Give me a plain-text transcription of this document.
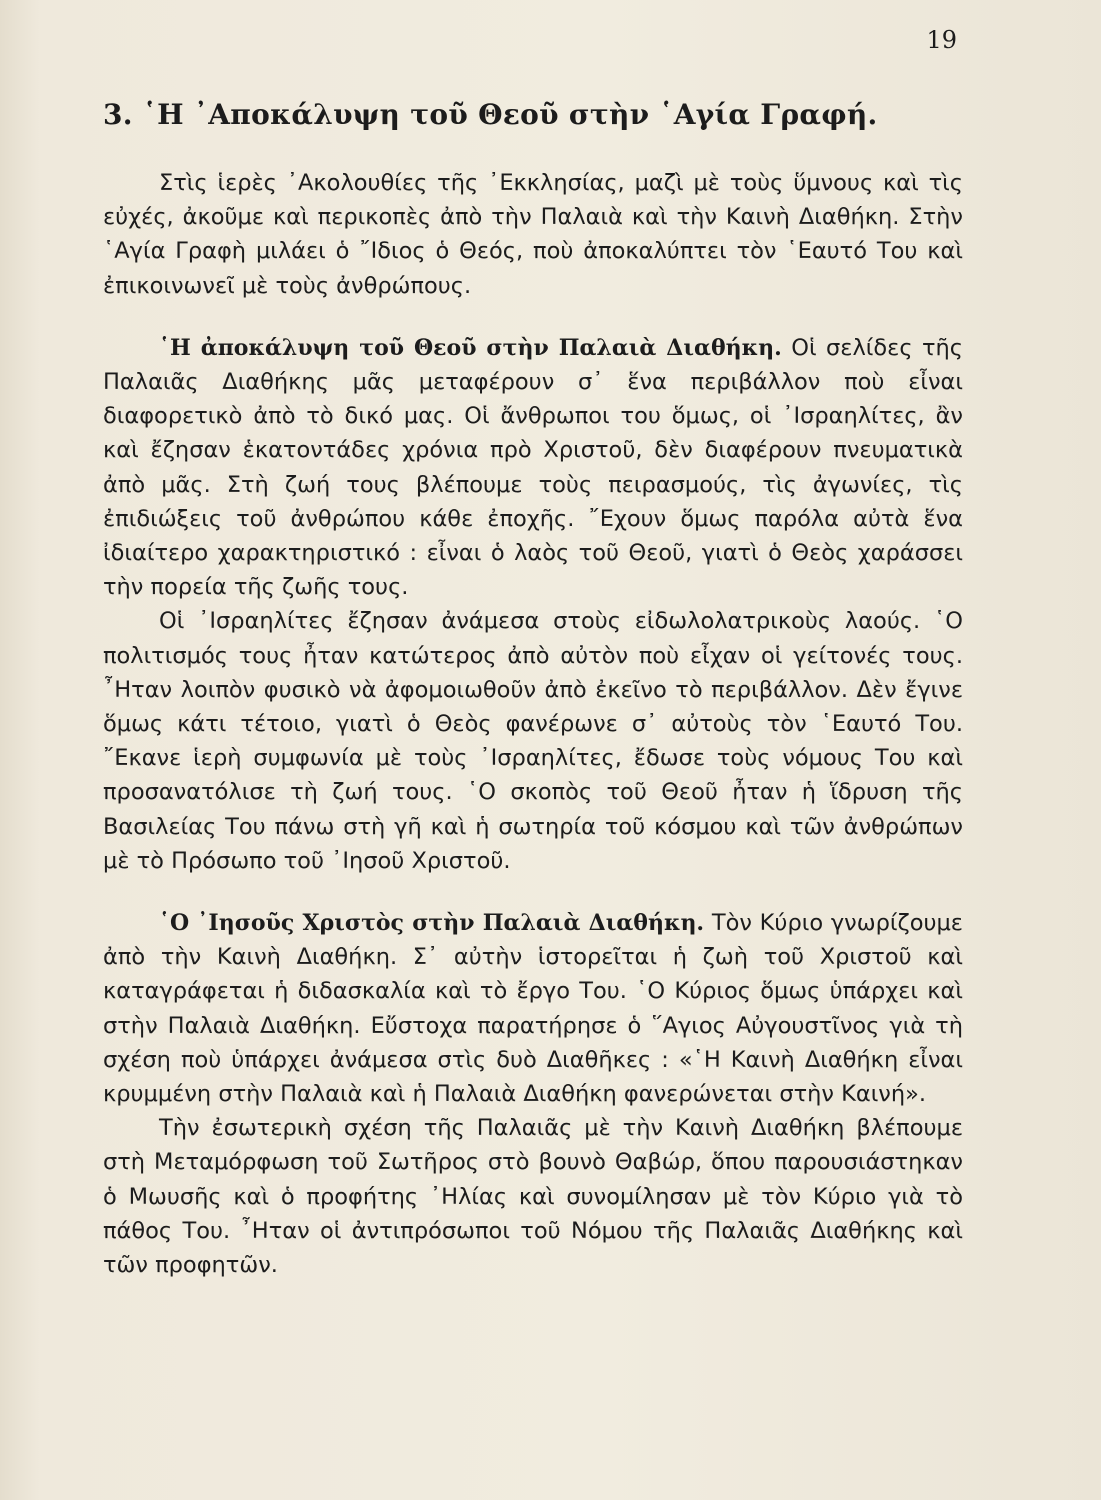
19
3. ῾Η ᾿Αποκάλυψη τοῦ Θεοῦ στὴν ῾Αγία Γραφή.

Στὶς ἱερὲς ᾿Ακολουθίες τῆς ᾿Εκκλησίας, μαζὶ μὲ τοὺς ὕμνους καὶ τὶς εὐχές, ἀκοῦμε καὶ περικοπὲς ἀπὸ τὴν Παλαιὰ καὶ τὴν Καινὴ Διαθήκη. Στὴν ῾Αγία Γραφὴ μιλάει ὁ ῎Ιδιος ὁ Θεός, ποὺ ἀποκαλύπτει τὸν ῾Εαυτό Του καὶ ἐπικοινωνεῖ μὲ τοὺς ἀνθρώπους.

῾Η ἀποκάλυψη τοῦ Θεοῦ στὴν Παλαιὰ Διαθήκη. Οἱ σελίδες τῆς Παλαιᾶς Διαθήκης μᾶς μεταφέρουν σ᾿ ἕνα περιβάλλον ποὺ εἶναι διαφορετικὸ ἀπὸ τὸ δικό μας. Οἱ ἄνθρωποι του ὅμως, οἱ ᾿Ισραηλίτες, ἂν καὶ ἔζησαν ἑκατοντάδες χρόνια πρὸ Χριστοῦ, δὲν διαφέρουν πνευματικὰ ἀπὸ μᾶς. Στὴ ζωή τους βλέπουμε τοὺς πειρασμούς, τὶς ἀγωνίες, τὶς ἐπιδιώξεις τοῦ ἀνθρώπου κάθε ἐποχῆς. ῎Εχουν ὅμως παρόλα αὐτὰ ἕνα ἰδιαίτερο χαρακτηριστικό : εἶναι ὁ λαὸς τοῦ Θεοῦ, γιατὶ ὁ Θεὸς χαράσσει τὴν πορεία τῆς ζωῆς τους.

Οἱ ᾿Ισραηλίτες ἔζησαν ἀνάμεσα στοὺς εἰδωλολατρικοὺς λαούς. ῾Ο πολιτισμός τους ἦταν κατώτερος ἀπὸ αὐτὸν ποὺ εἶχαν οἱ γείτονές τους. ῏Ηταν λοιπὸν φυσικὸ νὰ ἀφομοιωθοῦν ἀπὸ ἐκεῖνο τὸ περιβάλλον. Δὲν ἔγινε ὅμως κάτι τέτοιο, γιατὶ ὁ Θεὸς φανέρωνε σ᾿ αὐτοὺς τὸν ῾Εαυτό Του. ῎Εκανε ἱερὴ συμφωνία μὲ τοὺς ᾿Ισραηλίτες, ἔδωσε τοὺς νόμους Του καὶ προσανατόλισε τὴ ζωή τους. ῾Ο σκοπὸς τοῦ Θεοῦ ἦταν ἡ ἵδρυση τῆς Βασιλείας Του πάνω στὴ γῆ καὶ ἡ σωτηρία τοῦ κόσμου καὶ τῶν ἀνθρώπων μὲ τὸ Πρόσωπο τοῦ ᾿Ιησοῦ Χριστοῦ.

῾Ο ᾿Ιησοῦς Χριστὸς στὴν Παλαιὰ Διαθήκη. Τὸν Κύριο γνωρίζουμε ἀπὸ τὴν Καινὴ Διαθήκη. Σ᾿ αὐτὴν ἱστορεῖται ἡ ζωὴ τοῦ Χριστοῦ καὶ καταγράφεται ἡ διδασκαλία καὶ τὸ ἔργο Του. ῾Ο Κύριος ὅμως ὑπάρχει καὶ στὴν Παλαιὰ Διαθήκη. Εὔστοχα παρατήρησε ὁ ῞Αγιος Αὐγουστῖνος γιὰ τὴ σχέση ποὺ ὑπάρχει ἀνάμεσα στὶς δυὸ Διαθῆκες : «῾Η Καινὴ Διαθήκη εἶναι κρυμμένη στὴν Παλαιὰ καὶ ἡ Παλαιὰ Διαθήκη φανερώνεται στὴν Καινή».

Τὴν ἐσωτερικὴ σχέση τῆς Παλαιᾶς μὲ τὴν Καινὴ Διαθήκη βλέπουμε στὴ Μεταμόρφωση τοῦ Σωτῆρος στὸ βουνὸ Θαβώρ, ὅπου παρουσιάστηκαν ὁ Μωυσῆς καὶ ὁ προφήτης ᾿Ηλίας καὶ συνομίλησαν μὲ τὸν Κύριο γιὰ τὸ πάθος Του. ῏Ηταν οἱ ἀντιπρόσωποι τοῦ Νόμου τῆς Παλαιᾶς Διαθήκης καὶ τῶν προφητῶν.
